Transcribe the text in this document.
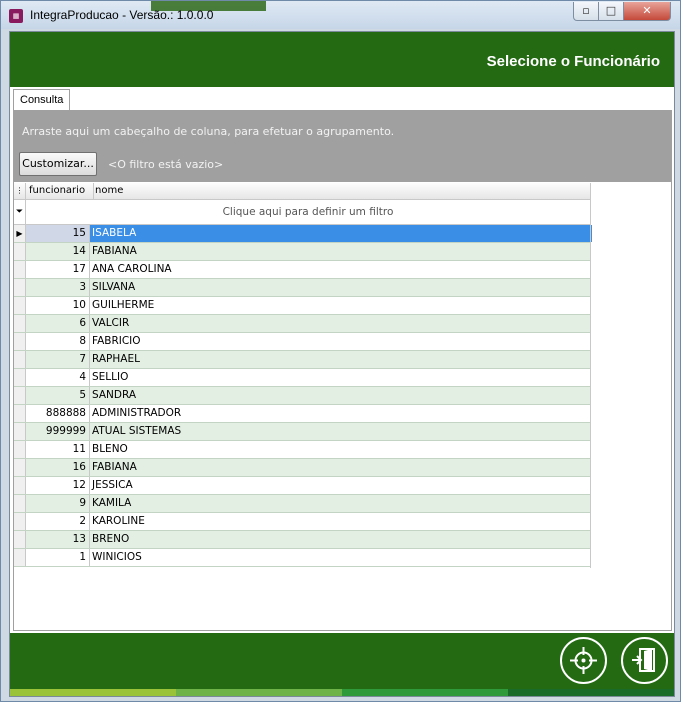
▦ IntegraProducao - Versão.: 1.0.0.0	▫	□	✕
Selecione o Funcionário
Consulta
Arraste aqui um cabeçalho de coluna, para efetuar o agrupamento.
Customizar... <O filtro está vazio>
⋮ funcionario nome
⏷	Clique aqui para definir um filtro
▶	15 ISABELA
14 FABIANA
17 ANA CAROLINA
3 SILVANA
10 GUILHERME
6 VALCIR
8 FABRICIO
7 RAPHAEL
4 SELLIO
5 SANDRA
888888 ADMINISTRADOR
999999 ATUAL SISTEMAS
11 BLENO
16 FABIANA
12 JESSICA
9 KAMILA
2 KAROLINE
13 BRENO
1 WINICIOS
